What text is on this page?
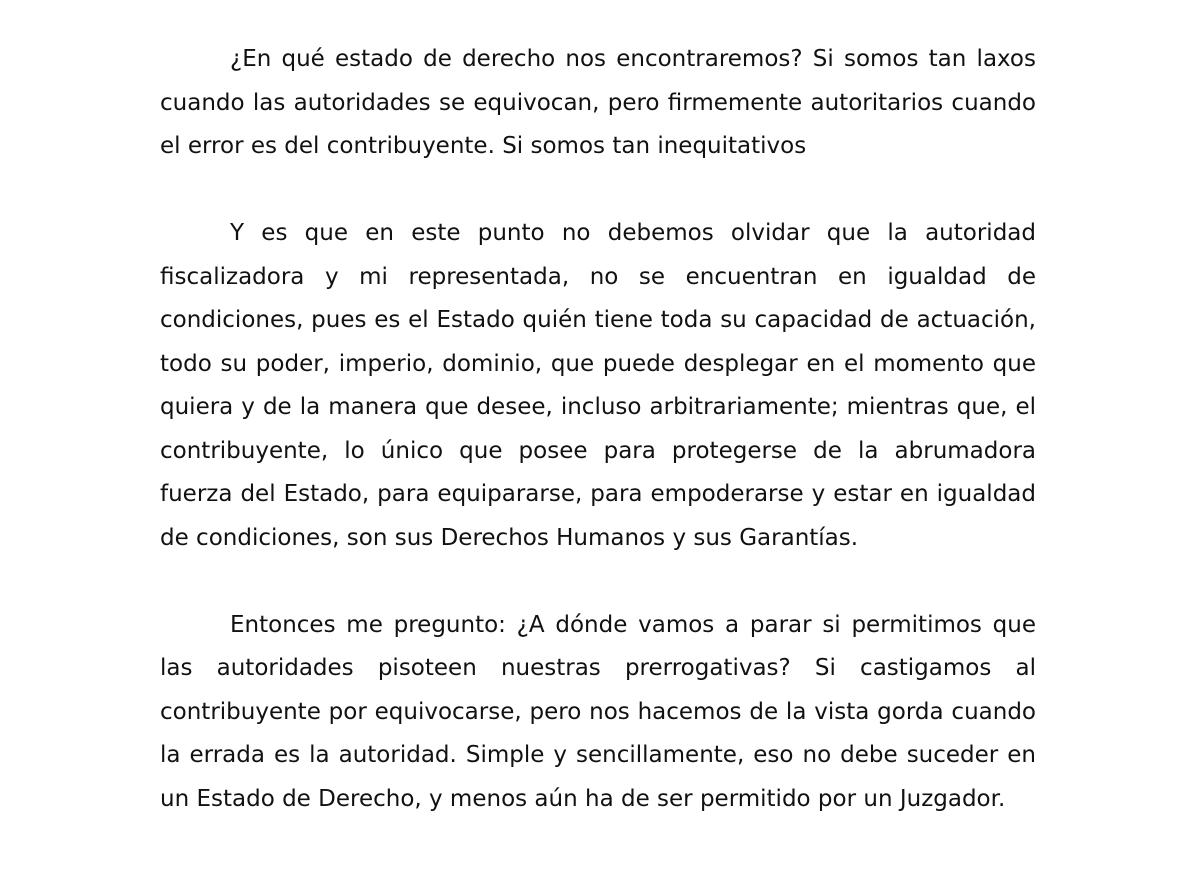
¿En qué estado de derecho nos encontraremos? Si somos tan laxos cuando las autoridades se equivocan, pero firmemente autoritarios cuando el error es del contribuyente. Si somos tan inequitativos

Y es que en este punto no debemos olvidar que la autoridad fiscalizadora y mi representada, no se encuentran en igualdad de condiciones, pues es el Estado quién tiene toda su capacidad de actuación, todo su poder, imperio, dominio, que puede desplegar en el momento que quiera y de la manera que desee, incluso arbitrariamente; mientras que, el contribuyente, lo único que posee para protegerse de la abrumadora fuerza del Estado, para equipararse, para empoderarse y estar en igualdad de condiciones, son sus Derechos Humanos y sus Garantías.

Entonces me pregunto: ¿A dónde vamos a parar si permitimos que las autoridades pisoteen nuestras prerrogativas? Si castigamos al contribuyente por equivocarse, pero nos hacemos de la vista gorda cuando la errada es la autoridad. Simple y sencillamente, eso no debe suceder en un Estado de Derecho, y menos aún ha de ser permitido por un Juzgador.
